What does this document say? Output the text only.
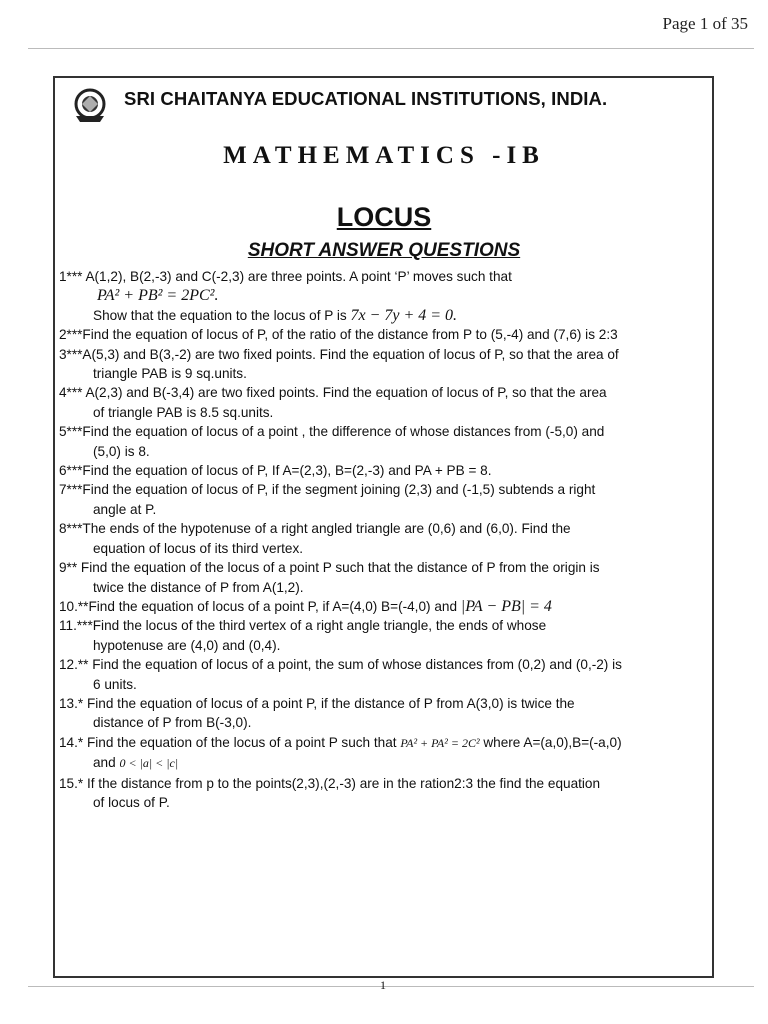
Page 1 of 35
SRI CHAITANYA EDUCATIONAL INSTITUTIONS, INDIA.
MATHEMATICS -IB
LOCUS
SHORT ANSWER QUESTIONS

1*** A(1,2), B(2,-3) and C(-2,3) are three points. A point ‘P’ moves such that
PA² + PB² = 2PC².
Show that the equation to the locus of P is 7x − 7y + 4 = 0.

2***Find the equation of locus of P, of the ratio of the distance from P to (5,-4) and (7,6) is 2:3

3***A(5,3) and B(3,-2) are two fixed points. Find the equation of locus of P, so that the area of
triangle PAB is 9 sq.units.

4*** A(2,3) and B(-3,4) are two fixed points. Find the equation of locus of P, so that the area
of triangle PAB is 8.5 sq.units.

5***Find the equation of locus of a point , the difference of whose distances from (-5,0) and
(5,0) is 8.

6***Find the equation of locus of P, If A=(2,3), B=(2,-3) and PA + PB = 8.

7***Find the equation of locus of P, if the segment joining (2,3) and (-1,5) subtends a right
angle at P.

8***The ends of the hypotenuse of a right angled triangle are (0,6) and (6,0). Find the
equation of locus of its third vertex.

9** Find the equation of the locus of a point P such that the distance of P from the origin is
twice the distance of P from A(1,2).

10.**Find the equation of locus of a point P, if A=(4,0) B=(-4,0) and |PA − PB| = 4

11.***Find the locus of the third vertex of a right angle triangle, the ends of whose
hypotenuse are (4,0) and (0,4).

12.** Find the equation of locus of a point, the sum of whose distances from (0,2) and (0,-2) is
6 units.

13.* Find the equation of locus of a point P, if the distance of P from A(3,0) is twice the
distance of P from B(-3,0).

14.* Find the equation of the locus of a point P such that PA² + PA² = 2C² where A=(a,0),B=(-a,0)
and 0 < |a| < |c|

15.* If the distance from p to the points(2,3),(2,-3) are in the ration2:3 the find the equation
of locus of P.

1
